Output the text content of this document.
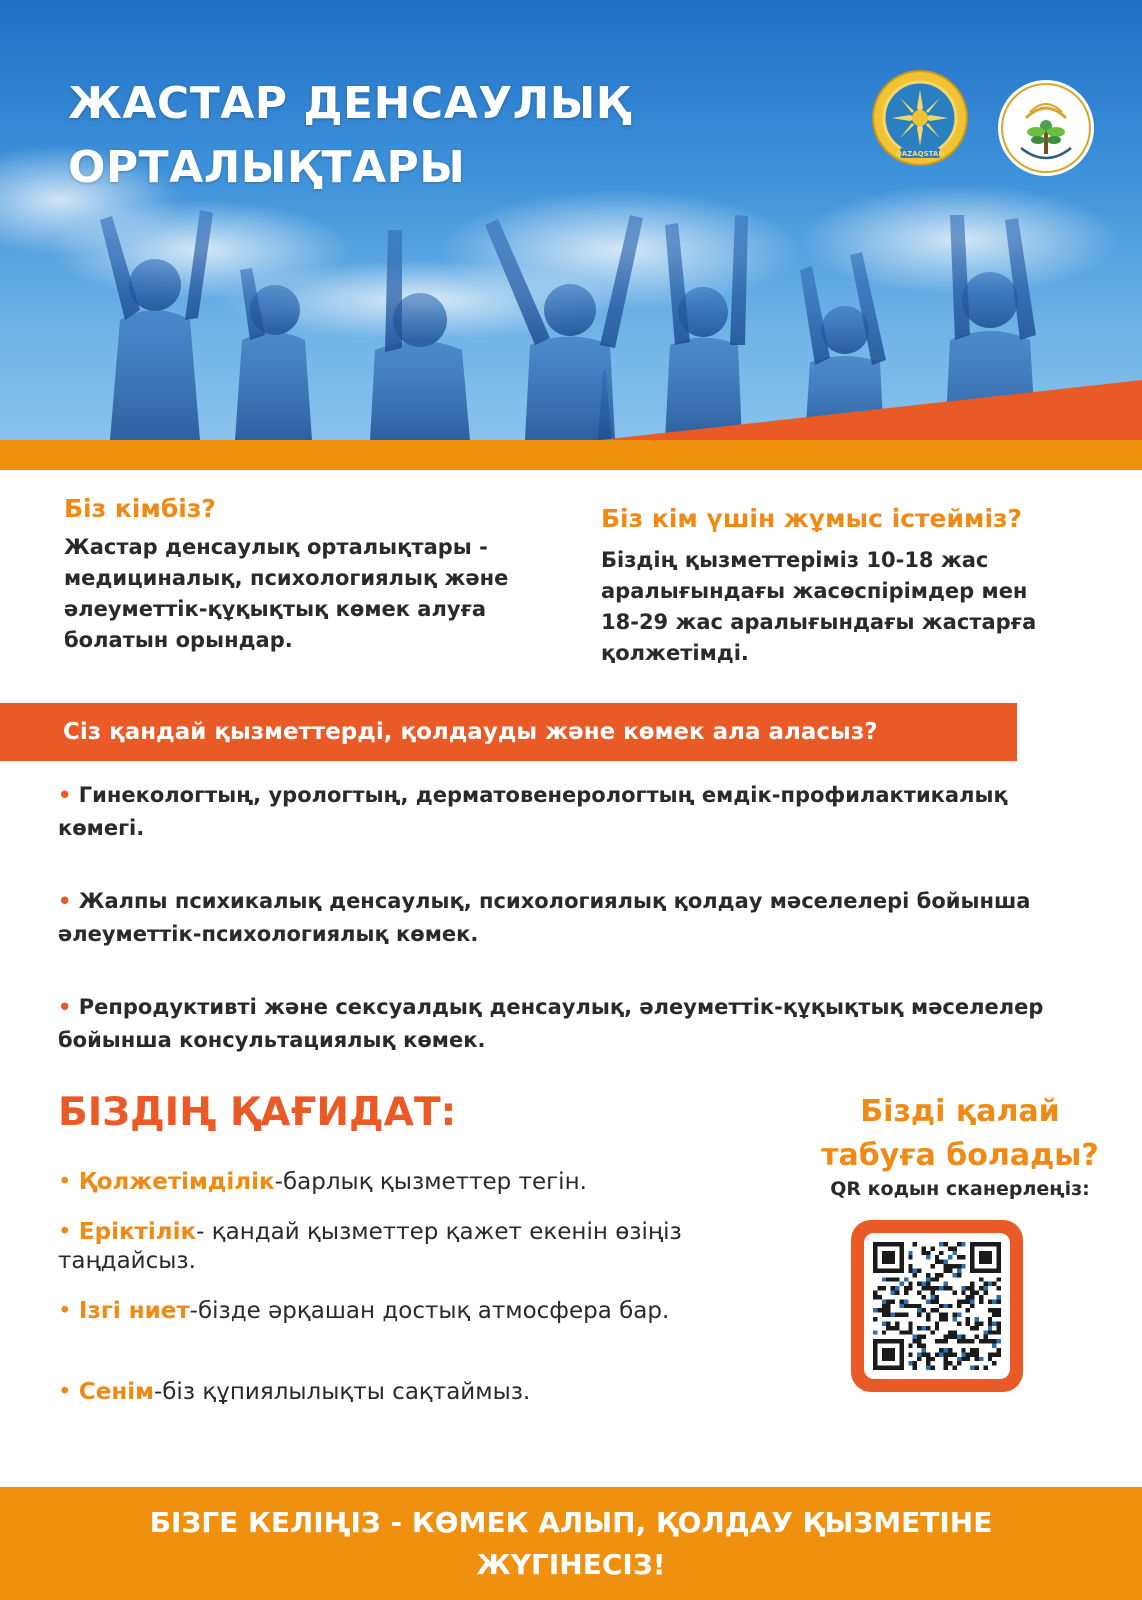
ЖАСТАР ДЕНСАУЛЫҚ
ОРТАЛЫҚТАРЫ	QAZAQSTAN
Біз кімбіз?

Жастар денсаулық орталықтары - медициналық, психологиялық және әлеуметтік-құқықтық көмек алуға болатын орындар.

Біз кім үшін жұмыс істейміз?

Біздің қызметтеріміз 10-18 жас аралығындағы жасөспірімдер мен 18-29 жас аралығындағы жастарға қолжетімді.

Сіз қандай қызметтерді, қолдауды және көмек ала аласыз?

• Гинекологтың, урологтың, дерматовенерологтың емдік-профилактикалық көмегі.

• Жалпы психикалық денсаулық, психологиялық қолдау мәселелері бойынша әлеуметтік-психологиялық көмек.

• Репродуктивті және сексуалдық денсаулық, әлеуметтік-құқықтық мәселелер бойынша консультациялық көмек.

БІЗДІҢ ҚАҒИДАТ:

• Қолжетімділік-барлық қызметтер тегін.

• Еріктілік- қандай қызметтер қажет екенін өзіңіз таңдайсыз.

• Ізгі ниет-бізде әрқашан достық атмосфера бар.

• Сенім-біз құпиялылықты сақтаймыз.

Бізді қалай
табуға болады?

QR кодын сканерлеңіз:

БІЗГЕ КЕЛІҢІЗ - КӨМЕК АЛЫП, ҚОЛДАУ ҚЫЗМЕТІНЕ

ЖҮГІНЕСІЗ!
